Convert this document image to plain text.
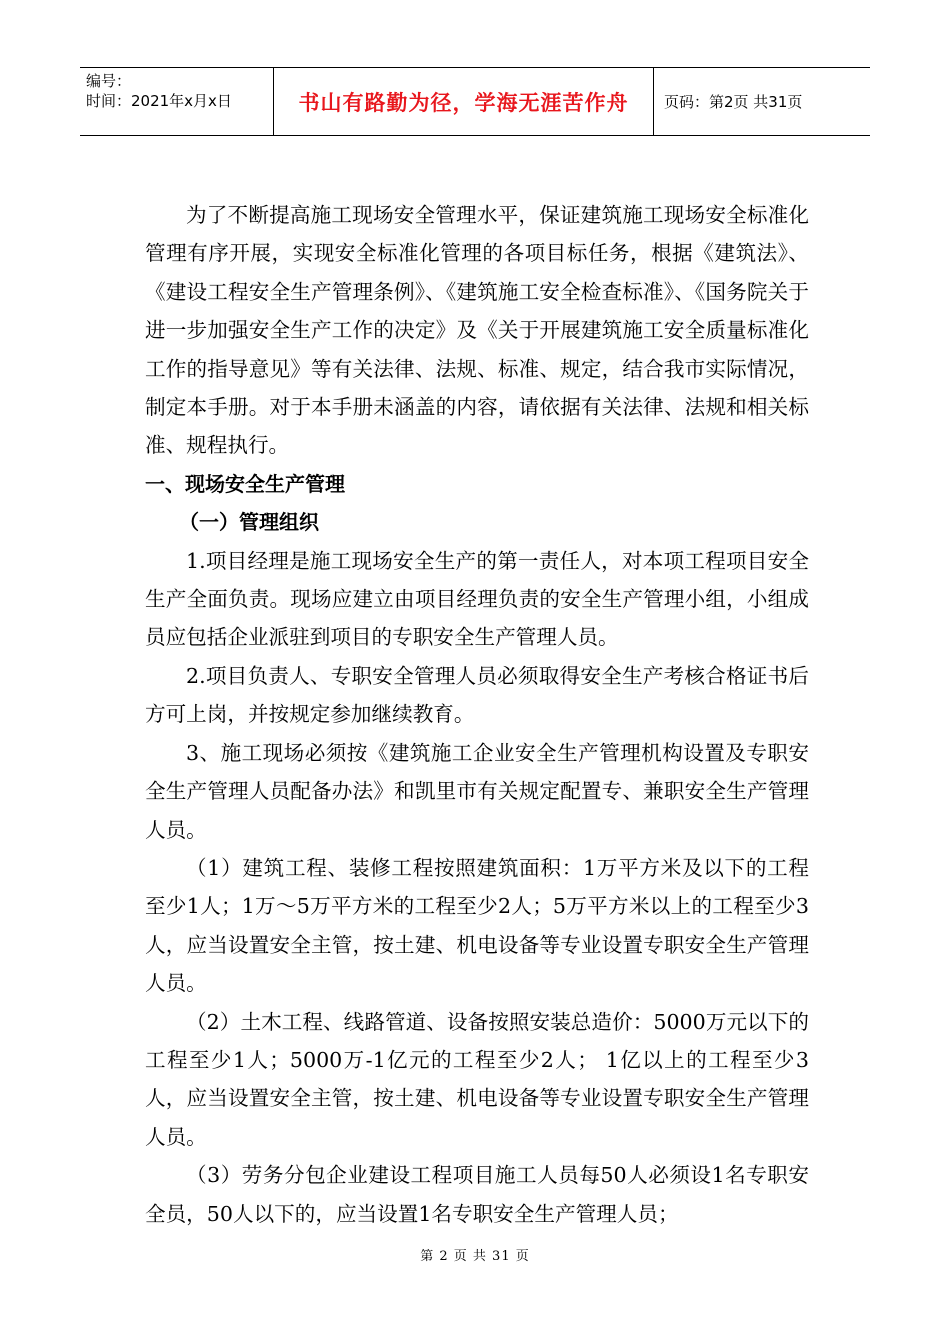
编号：
时间：2021年x月x日	书山有路勤为径，学海无涯苦作舟 页码：第2页 共31页

为了不断提高施工现场安全管理水平，保证建筑施工现场安全标准化管理有序开展，实现安全标准化管理的各项目标任务，根据《建筑法》、《建设工程安全生产管理条例》、《建筑施工安全检查标准》、《国务院关于进一步加强安全生产工作的决定》及《关于开展建筑施工安全质量标准化工作的指导意见》等有关法律、法规、标准、规定，结合我市实际情况，制定本手册。对于本手册未涵盖的内容，请依据有关法律、法规和相关标准、规程执行。

一、现场安全生产管理

（一）管理组织

1.项目经理是施工现场安全生产的第一责任人，对本项工程项目安全生产全面负责。现场应建立由项目经理负责的安全生产管理小组，小组成员应包括企业派驻到项目的专职安全生产管理人员。

2.项目负责人、专职安全管理人员必须取得安全生产考核合格证书后方可上岗，并按规定参加继续教育。

3、施工现场必须按《建筑施工企业安全生产管理机构设置及专职安全生产管理人员配备办法》和凯里市有关规定配置专、兼职安全生产管理人员。

（1）建筑工程、装修工程按照建筑面积：1万平方米及以下的工程至少1人；1万～5万平方米的工程至少2人；5万平方米以上的工程至少3人，应当设置安全主管，按土建、机电设备等专业设置专职安全生产管理人员。

（2）土木工程、线路管道、设备按照安装总造价：5000万元以下的工程至少1人；5000万-1亿元的工程至少2人； 1亿以上的工程至少3人，应当设置安全主管，按土建、机电设备等专业设置专职安全生产管理人员。

（3）劳务分包企业建设工程项目施工人员每50人必须设1名专职安全员，50人以下的，应当设置1名专职安全生产管理人员；

第 2 页 共 31 页
